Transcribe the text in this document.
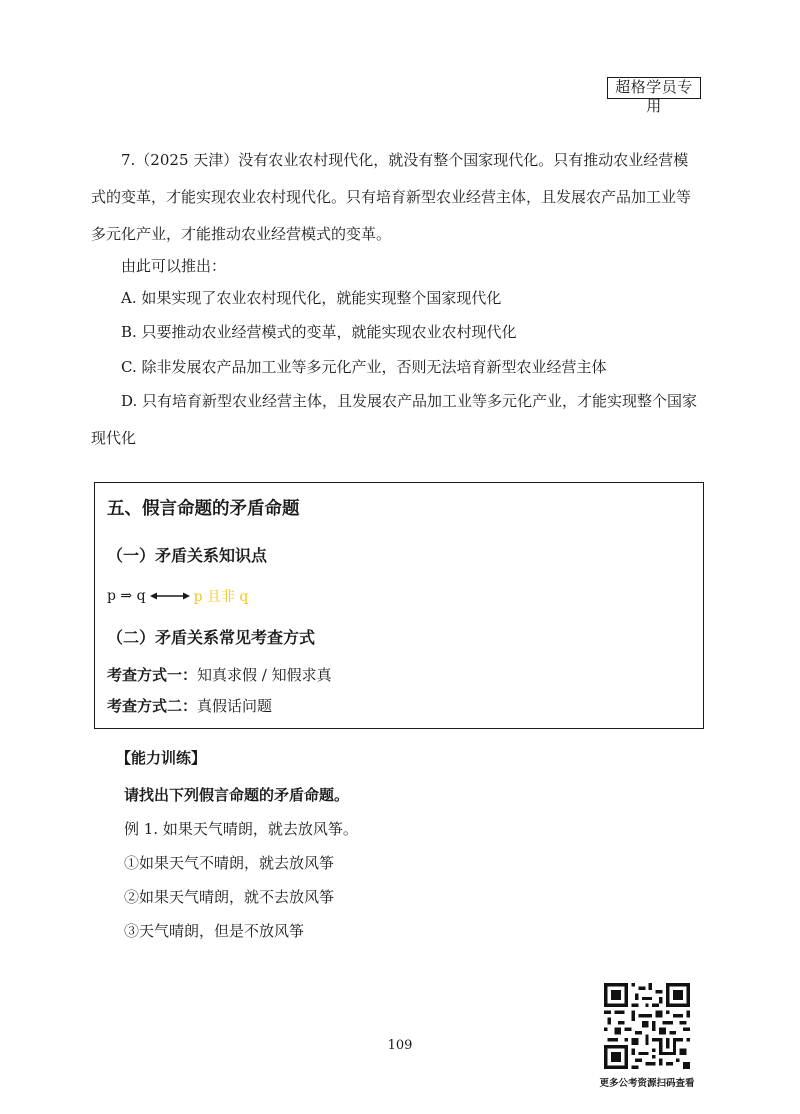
超格学员专用
7.（2025 天津）没有农业农村现代化，就没有整个国家现代化。只有推动农业经营模式的变革，才能实现农业农村现代化。只有培育新型农业经营主体，且发展农产品加工业等多元化产业，才能推动农业经营模式的变革。
由此可以推出：
A. 如果实现了农业农村现代化，就能实现整个国家现代化
B. 只要推动农业经营模式的变革，就能实现农业农村现代化
C. 除非发展农产品加工业等多元化产业，否则无法培育新型农业经营主体
D. 只有培育新型农业经营主体，且发展农产品加工业等多元化产业，才能实现整个国家现代化
五、假言命题的矛盾命题
（一）矛盾关系知识点
p ⇒ q	p 且非 q
（二）矛盾关系常见考查方式
考查方式一：知真求假 / 知假求真
考查方式二：真假话问题
【能力训练】
请找出下列假言命题的矛盾命题。
例 1. 如果天气晴朗，就去放风筝。
①如果天气不晴朗，就去放风筝
②如果天气晴朗，就不去放风筝
③天气晴朗，但是不放风筝
更多公考资源扫码查看
109
